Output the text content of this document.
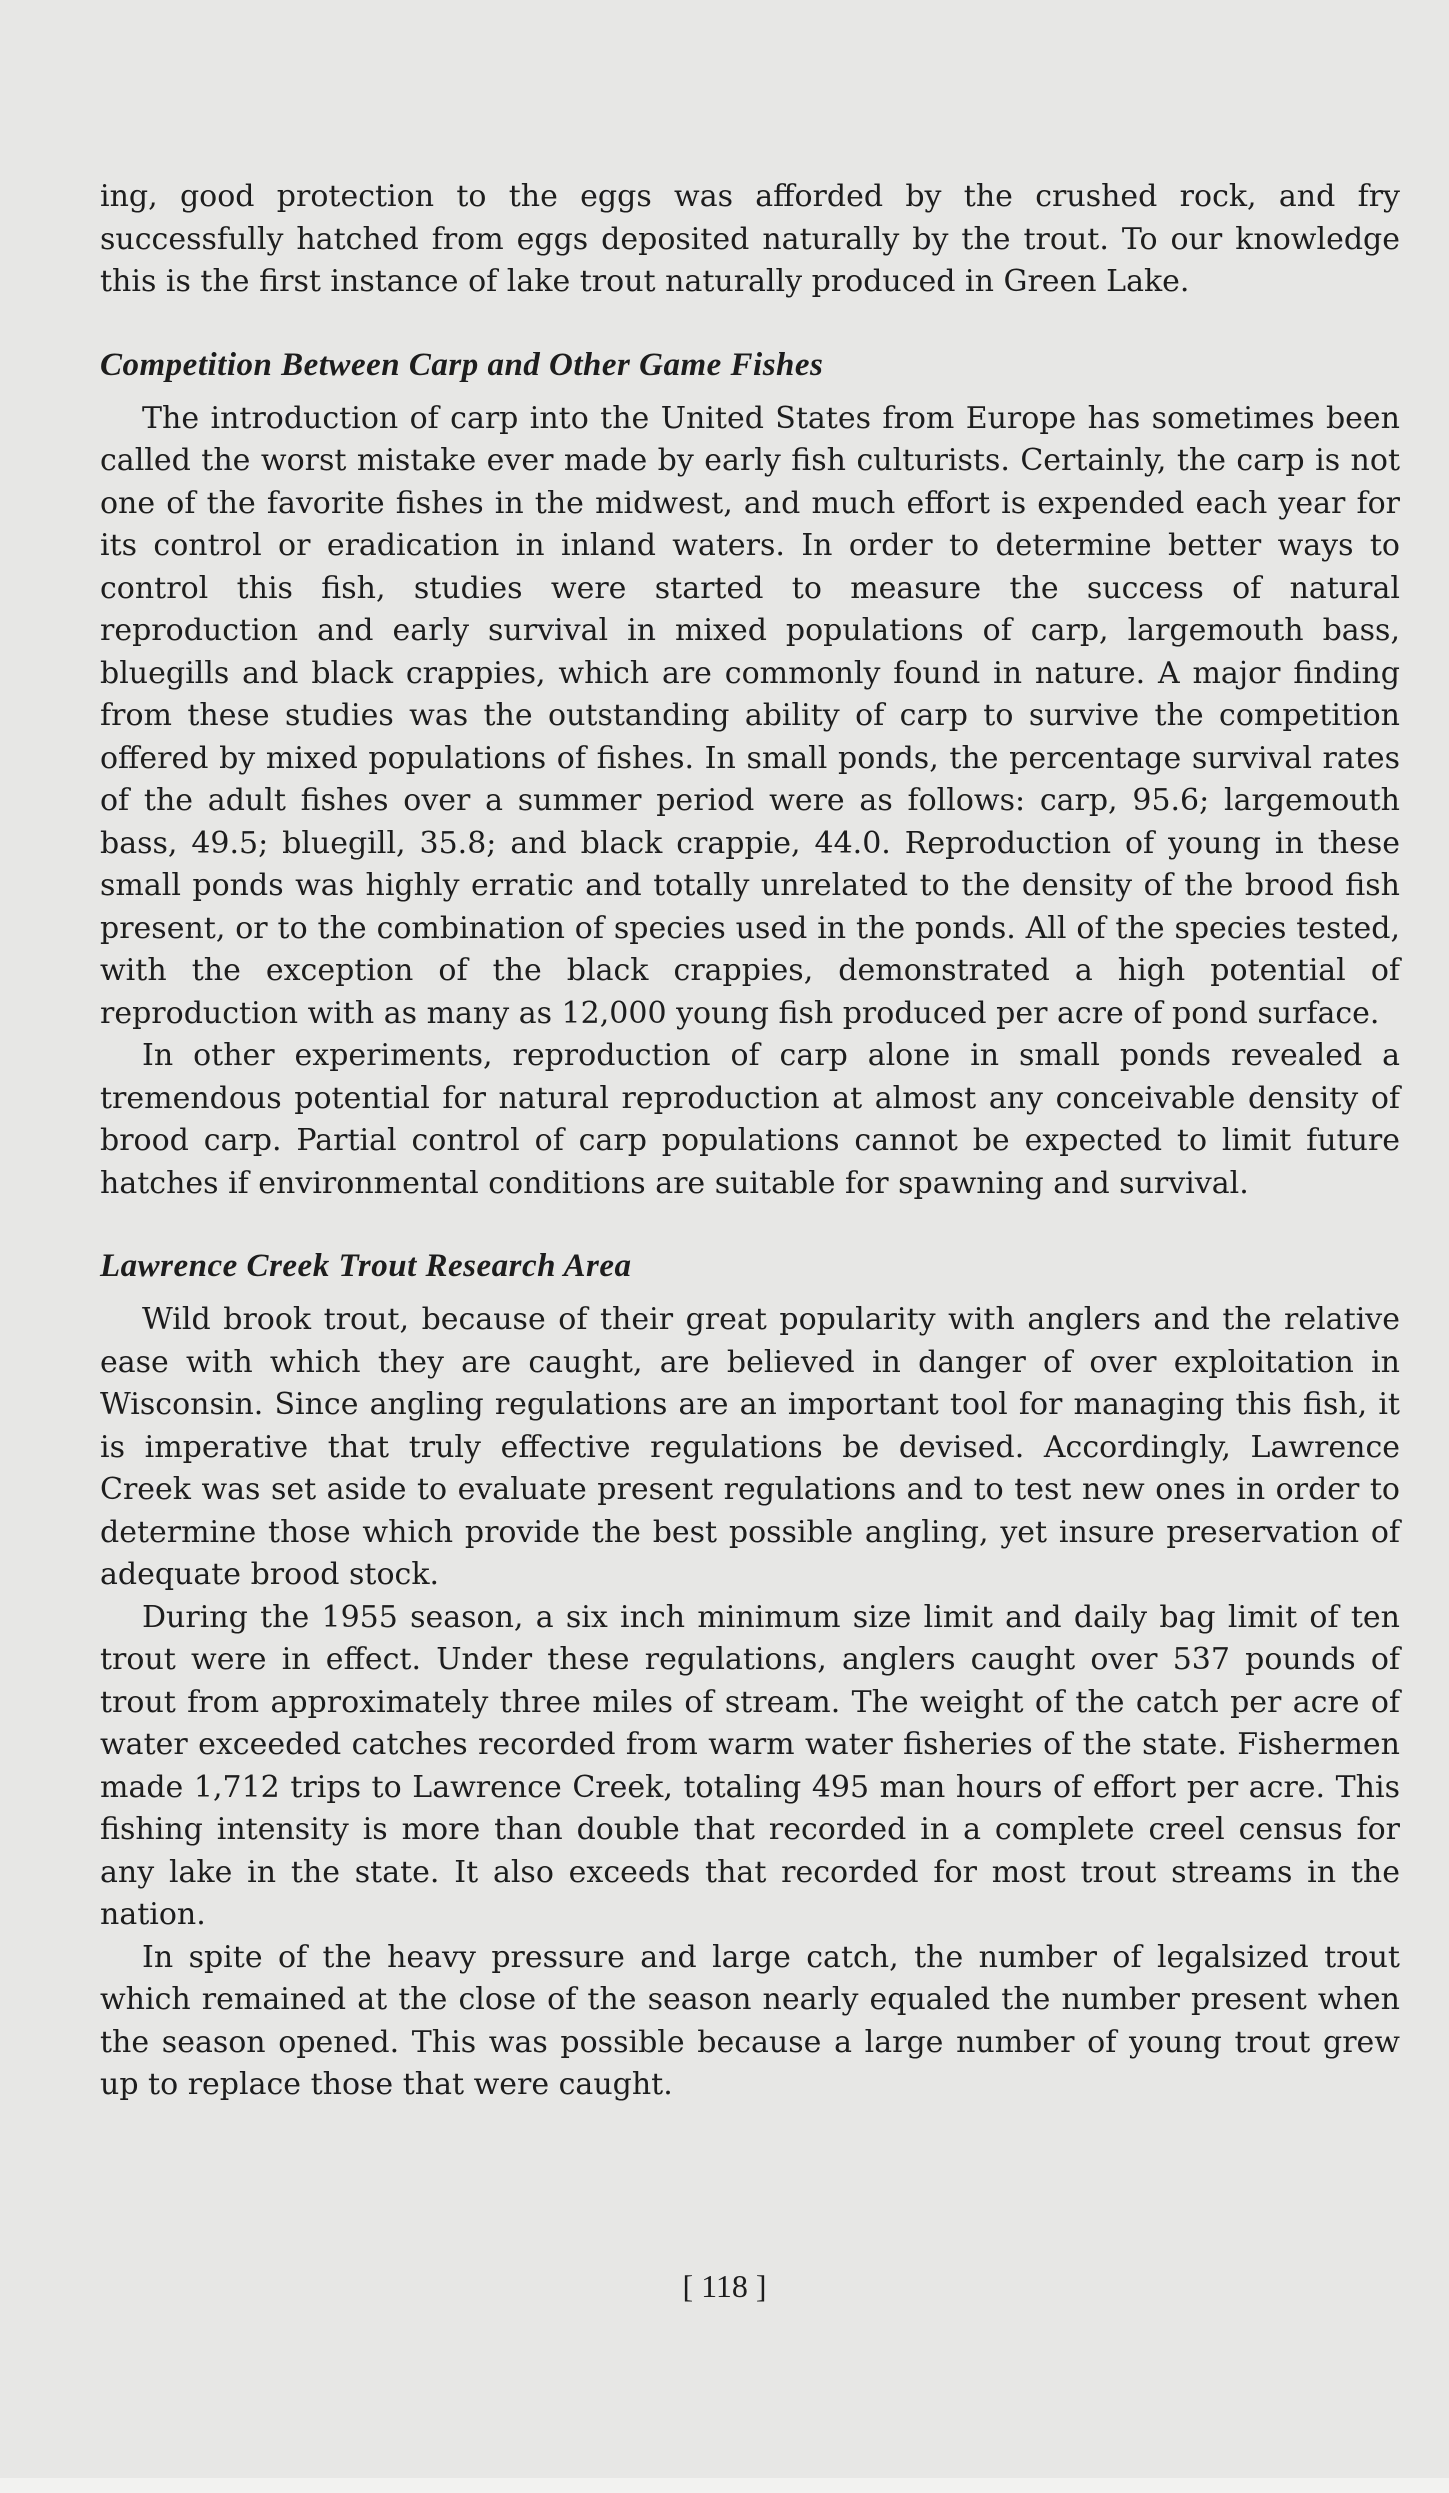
ing, good protection to the eggs was afforded by the crushed rock, and fry successfully hatched from eggs deposited naturally by the trout. To our knowledge this is the first instance of lake trout naturally produced in Green Lake.

Competition Between Carp and Other Game Fishes

The introduction of carp into the United States from Europe has sometimes been called the worst mistake ever made by early fish culturists. Certainly, the carp is not one of the favorite fishes in the midwest, and much effort is expended each year for its control or eradication in inland waters. In order to determine better ways to control this fish, studies were started to measure the success of natural reproduction and early survival in mixed populations of carp, largemouth bass, bluegills and black crappies, which are commonly found in nature. A major finding from these studies was the outstanding ability of carp to survive the competition offered by mixed populations of fishes. In small ponds, the percentage survival rates of the adult fishes over a summer period were as follows: carp, 95.6; largemouth bass, 49.5; bluegill, 35.8; and black crappie, 44.0. Reproduction of young in these small ponds was highly erratic and totally unrelated to the density of the brood fish present, or to the combination of species used in the ponds. All of the species tested, with the exception of the black crappies, demonstrated a high potential of reproduction with as many as 12,000 young fish produced per acre of pond surface.

In other experiments, reproduction of carp alone in small ponds revealed a tremendous potential for natural reproduction at almost any conceivable density of brood carp. Partial control of carp populations cannot be expected to limit future hatches if environmental conditions are suitable for spawning and survival.

Lawrence Creek Trout Research Area

Wild brook trout, because of their great popularity with anglers and the relative ease with which they are caught, are believed in danger of over exploitation in Wisconsin. Since angling regulations are an important tool for managing this fish, it is imperative that truly effective regulations be devised. Accordingly, Lawrence Creek was set aside to evaluate present regulations and to test new ones in order to determine those which provide the best possible angling, yet insure preservation of adequate brood stock.

During the 1955 season, a six inch minimum size limit and daily bag limit of ten trout were in effect. Under these regulations, anglers caught over 537 pounds of trout from approximately three miles of stream. The weight of the catch per acre of water exceeded catches recorded from warm water fisheries of the state. Fishermen made 1,712 trips to Lawrence Creek, totaling 495 man hours of effort per acre. This fishing intensity is more than double that recorded in a complete creel census for any lake in the state. It also exceeds that recorded for most trout streams in the nation.

In spite of the heavy pressure and large catch, the number of legalsized trout which remained at the close of the season nearly equaled the number present when the season opened. This was possible because a large number of young trout grew up to replace those that were caught.

[ 118 ]
